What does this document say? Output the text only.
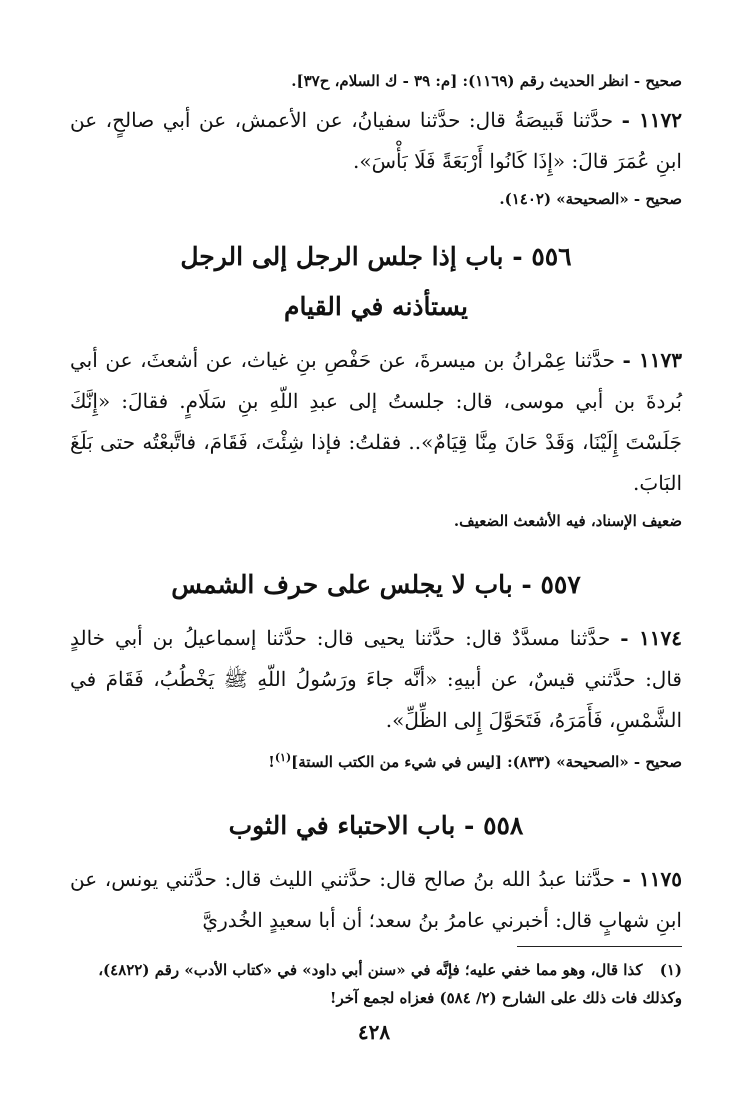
صحيح - انظر الحديث رقم (١١٦٩): [م: ٣٩ - ك السلام، ح٣٧].

١١٧٢ - حدَّثنا قَبيصَةُ قال: حدَّثنا سفيانُ، عن الأعمش، عن أبي صالحٍ، عن ابنِ عُمَرَ قالَ: «إِذَا كَانُوا أَرْبَعَةً فَلَا بَأْسَ».

صحيح - «الصحيحة» (١٤٠٢).

٥٥٦ - باب إذا جلس الرجل إلى الرجل

يستأذنه في القيام

١١٧٣ - حدَّثنا عِمْرانُ بن ميسرةَ، عن حَفْصِ بنِ غياث، عن أشعثَ، عن أبي بُردةَ بن أبي موسى، قال: جلستُ إلى عبدِ اللّهِ بنِ سَلَامٍ. فقالَ: «إِنَّكَ جَلَسْتَ إِلَيْنَا، وَقَدْ حَانَ مِنَّا قِيَامٌ».. فقلتُ: فإذا شِئْتَ، فَقَامَ، فاتَّبعْتُه حتى بَلَغَ البَابَ.

ضعيف الإسناد، فيه الأشعث الضعيف.

٥٥٧ - باب لا يجلس على حرف الشمس

١١٧٤ - حدَّثنا مسدَّدٌ قال: حدَّثنا يحيى قال: حدَّثنا إسماعيلُ بن أبي خالدٍ قال: حدَّثني قيسٌ، عن أبيهِ: «أنَّه جاءَ ورَسُولُ اللّهِ ﷺ يَخْطُبُ، فَقَامَ في الشَّمْسِ، فَأَمَرَهُ، فَتَحَوَّلَ إِلى الظِّلِّ».

صحيح - «الصحيحة» (٨٣٣): [ليس في شيء من الكتب الستة]$^{(١)}$!

٥٥٨ - باب الاحتباء في الثوب

١١٧٥ - حدَّثنا عبدُ الله بنُ صالح قال: حدَّثني الليث قال: حدَّثني يونس، عن ابنِ شهابٍ قال: أخبرني عامرُ بنُ سعد؛ أن أبا سعيدٍ الخُدريَّ

(١) كذا قال، وهو مما خفي عليه؛ فإنَّه في «سنن أبي داود» في «كتاب الأدب» رقم (٤٨٢٢)، وكذلك فات ذلك على الشارح (٢/ ٥٨٤) فعزاه لجمع آخر!
٤٢٨
